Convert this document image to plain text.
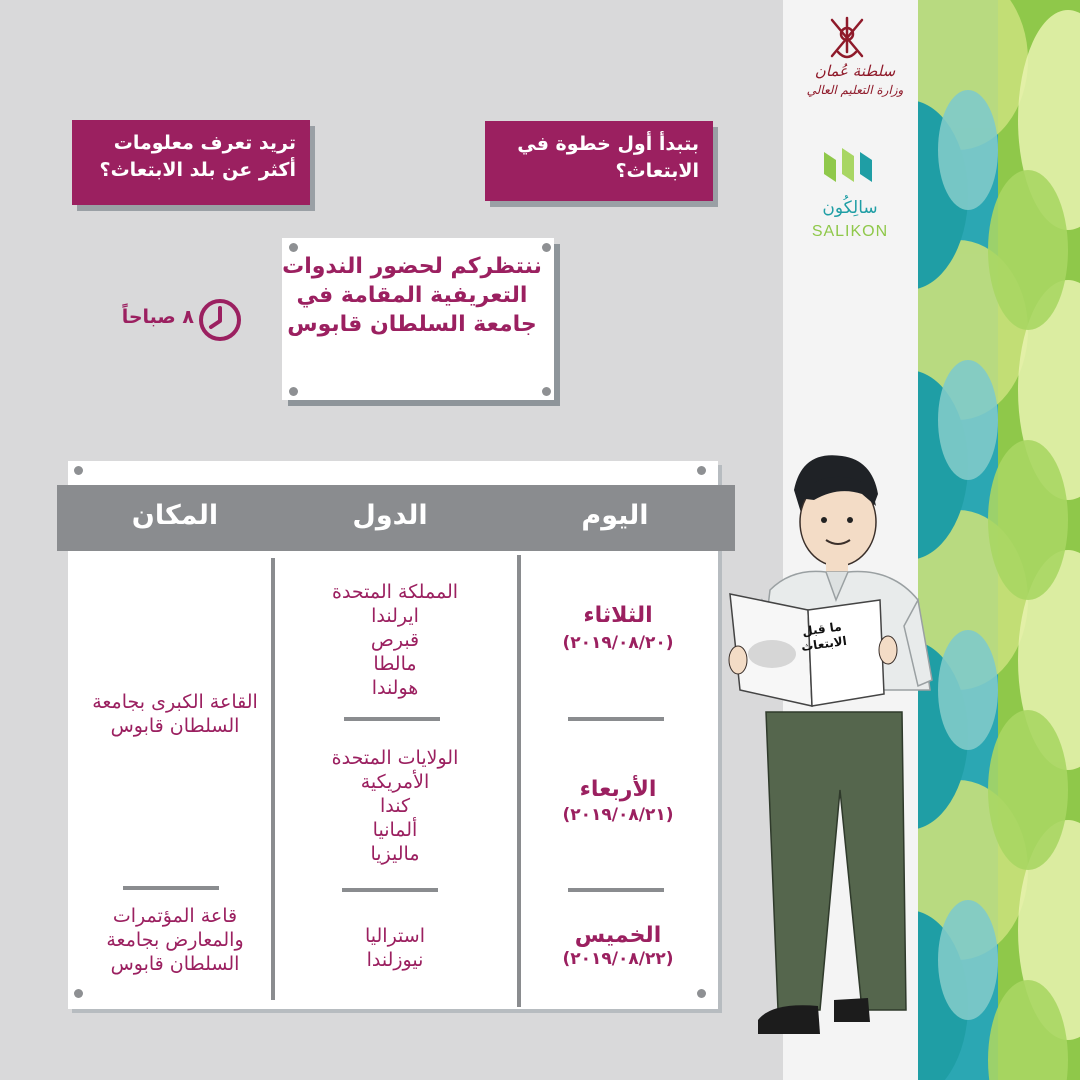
سلطنة عُمان
وزارة التعليم العالي
سالِكُون
SALIKON
تريد تعرف معلومات أكثر عن بلد الابتعاث؟
بتبدأ أول خطوة في الابتعاث؟
ننتظركم لحضور الندوات التعريفية المقامة في جامعة السلطان قابوس
٨ صباحاً
اليوم
الدول
المكان
الثلاثاء
(٢٠١٩/٠٨/٢٠)
المملكة المتحدة
ايرلندا
قبرص
مالطا
هولندا
الأربعاء
(٢٠١٩/٠٨/٢١)
الولايات المتحدة
الأمريكية
كندا
ألمانيا
ماليزيا
الخميس
(٢٠١٩/٠٨/٢٢)
استراليا
نيوزلندا
القاعة الكبرى بجامعة السلطان قابوس
قاعة المؤتمرات والمعارض بجامعة السلطان قابوس
ما قبل الابتعاث
